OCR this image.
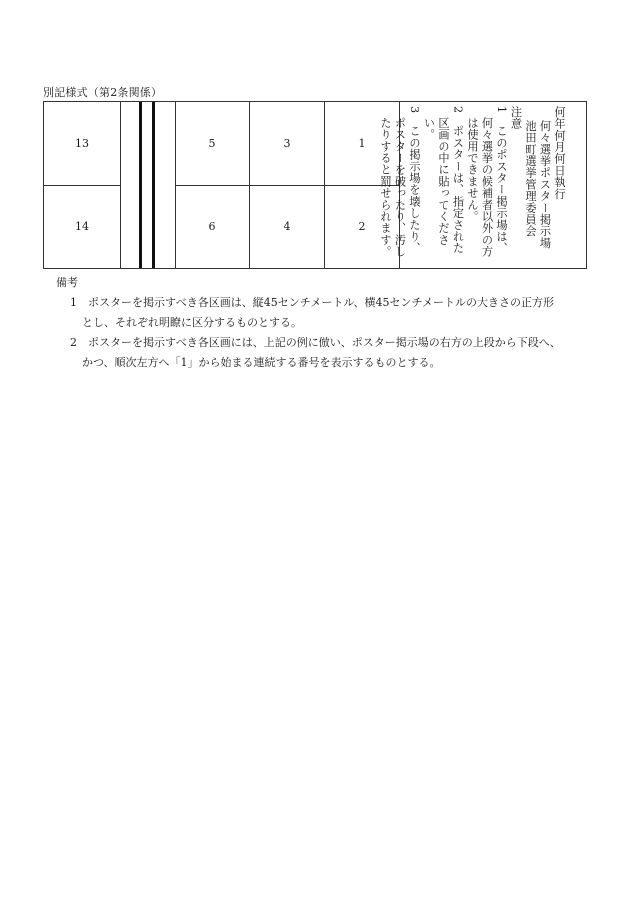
別記様式（第2条関係）
13
14
5
6
3
4
1
2
何年何月何日執行
何々選挙ポスター掲示場
池田町選挙管理委員会
注意
1　このポスター掲示場は、
何々選挙の候補者以外の方
は使用できません。
2　ポスターは、指定された
区画の中に貼ってくださ
い。
3　この掲示場を壊したり、
ポスターを破ったり、汚し
たりすると罰せられます。
備考
1　ポスターを掲示すべき各区画は、縦45センチメートル、横45センチメートルの大きさの正方形
とし、それぞれ明瞭に区分するものとする。
2　ポスターを掲示すべき各区画には、上記の例に倣い、ポスター掲示場の右方の上段から下段へ、
かつ、順次左方へ「1」から始まる連続する番号を表示するものとする。
